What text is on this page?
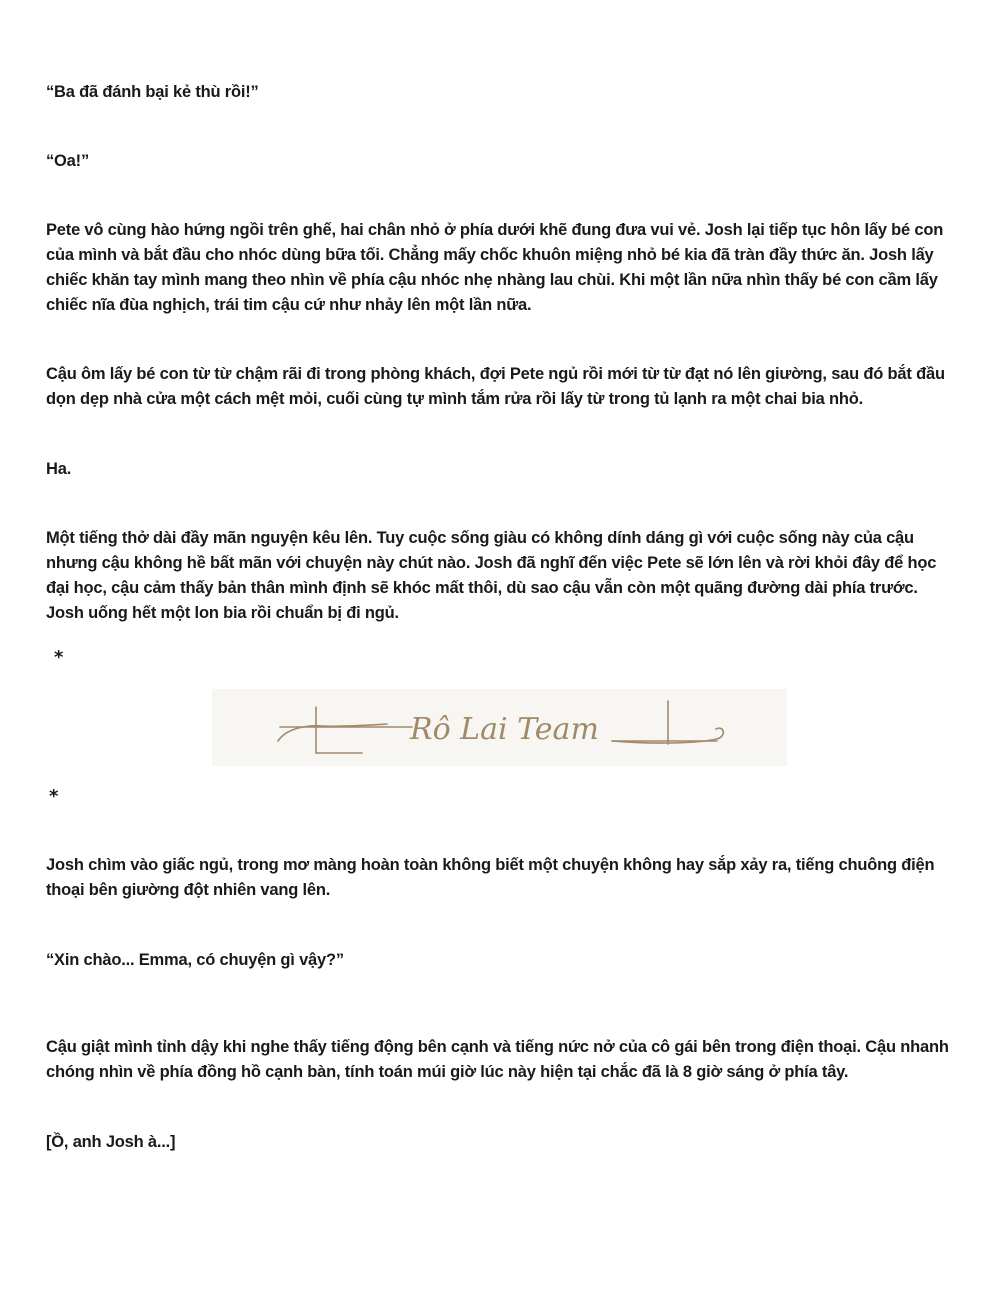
“Ba đã đánh bại kẻ thù rồi!”

“Oa!”

Pete vô cùng hào hứng ngồi trên ghế, hai chân nhỏ ở phía dưới khẽ đung đưa vui vẻ. Josh lại tiếp tục hôn lấy bé con của mình và bắt đầu cho nhóc dùng bữa tối. Chẳng mấy chốc khuôn miệng nhỏ bé kia đã tràn đầy thức ăn. Josh lấy chiếc khăn tay mình mang theo nhìn về phía cậu nhóc nhẹ nhàng lau chùi. Khi một lần nữa nhìn thấy bé con cầm lấy chiếc nĩa đùa nghịch, trái tim cậu cứ như nhảy lên một lần nữa.

Cậu ôm lấy bé con từ từ chậm rãi đi trong phòng khách, đợi Pete ngủ rồi mới từ từ đạt nó lên giường, sau đó bắt đầu dọn dẹp nhà cửa một cách mệt mỏi, cuối cùng tự mình tắm rửa rồi lấy từ trong tủ lạnh ra một chai bia nhỏ.

Ha.

Một tiếng thở dài đầy mãn nguyện kêu lên. Tuy cuộc sống giàu có không dính dáng gì với cuộc sống này của cậu nhưng cậu không hề bất mãn với chuyện này chút nào. Josh đã nghĩ đến việc Pete sẽ lớn lên và rời khỏi đây để học đại học, cậu cảm thấy bản thân mình định sẽ khóc mất thôi, dù sao cậu vẫn còn một quãng đường dài phía trước. Josh uống hết một lon bia rồi chuẩn bị đi ngủ.

*
Rô Lai Team
*

Josh chìm vào giấc ngủ, trong mơ màng hoàn toàn không biết một chuyện không hay sắp xảy ra, tiếng chuông điện thoại bên giường đột nhiên vang lên.

“Xin chào... Emma, có chuyện gì vậy?”

Cậu giật mình tỉnh dậy khi nghe thấy tiếng động bên cạnh và tiếng nức nở của cô gái bên trong điện thoại. Cậu nhanh chóng nhìn về phía đồng hồ cạnh bàn, tính toán múi giờ lúc này hiện tại chắc đã là 8 giờ sáng ở phía tây.

[Ồ, anh Josh à...]
